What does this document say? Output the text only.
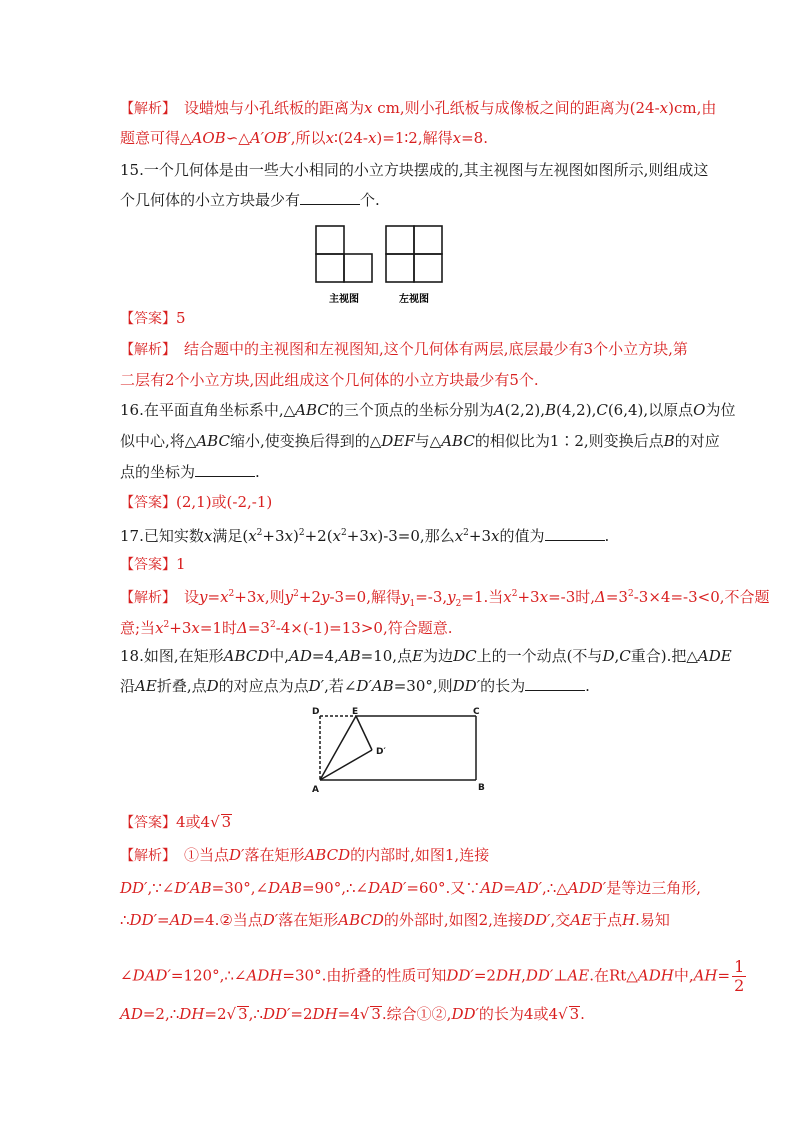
【解析】　设蜡烛与小孔纸板的距离为x cm,则小孔纸板与成像板之间的距离为(24-x)cm,由
题意可得△AOB∽△A′OB′,所以x∶(24-x)=1∶2,解得x=8.
15.一个几何体是由一些大小相同的小立方块摆成的,其主视图与左视图如图所示,则组成这
个几何体的小立方块最少有	个.
主视图	左视图
【答案】5
【解析】　结合题中的主视图和左视图知,这个几何体有两层,底层最少有3个小立方块,第
二层有2个小立方块,因此组成这个几何体的小立方块最少有5个.
16.在平面直角坐标系中,△ABC的三个顶点的坐标分别为A(2,2),B(4,2),C(6,4),以原点O为位
似中心,将△ABC缩小,使变换后得到的△DEF与△ABC的相似比为1∶2,则变换后点B的对应
点的坐标为	.
【答案】(2,1)或(-2,-1)
17.已知实数x满足$(x^2+3x)^2+2(x^2+3x)-3=0$,那么$x^2+3x$的值为	.
【答案】1
【解析】　设$y=x^2+3x$,则$y^2+2y-3=0$,解得$y_1=-3,y_2=1$.当$x^2+3x=-3$时$,\Delta=3^2-3\times 4=-3<0$,不合题
意;当$x^2+3x=1$时$\Delta=3^2-4\times(-1)=13>0$,符合题意.
18.如图,在矩形ABCD中,AD=4,AB=10,点E为边DC上的一个动点(不与D,C重合).把△ADE
沿AE折叠,点D的对应点为点D′,若∠D′AB=30°,则DD′的长为	.
D	E	C
D′
A	B
【答案】4或4√ 3
【解析】　①当点D′落在矩形ABCD的内部时,如图1,连接
DD′,∵∠D′AB=30°,∠DAB=90°,∴∠DAD′=60°.又∵AD=AD′,∴△ADD′是等边三角形,
∴DD′=AD=4.②当点D′落在矩形ABCD的外部时,如图2,连接DD′,交AE于点H.易知
∠DAD′=120°,∴∠ADH=30°.由折叠的性质可知DD′=2DH,DD′⊥AE.在Rt△ADH中$,AH= \frac{1}{2}$
AD=2,∴DH=2√ 3,∴DD′=2DH=4√ 3.综合①②,DD′的长为4或4√ 3.
